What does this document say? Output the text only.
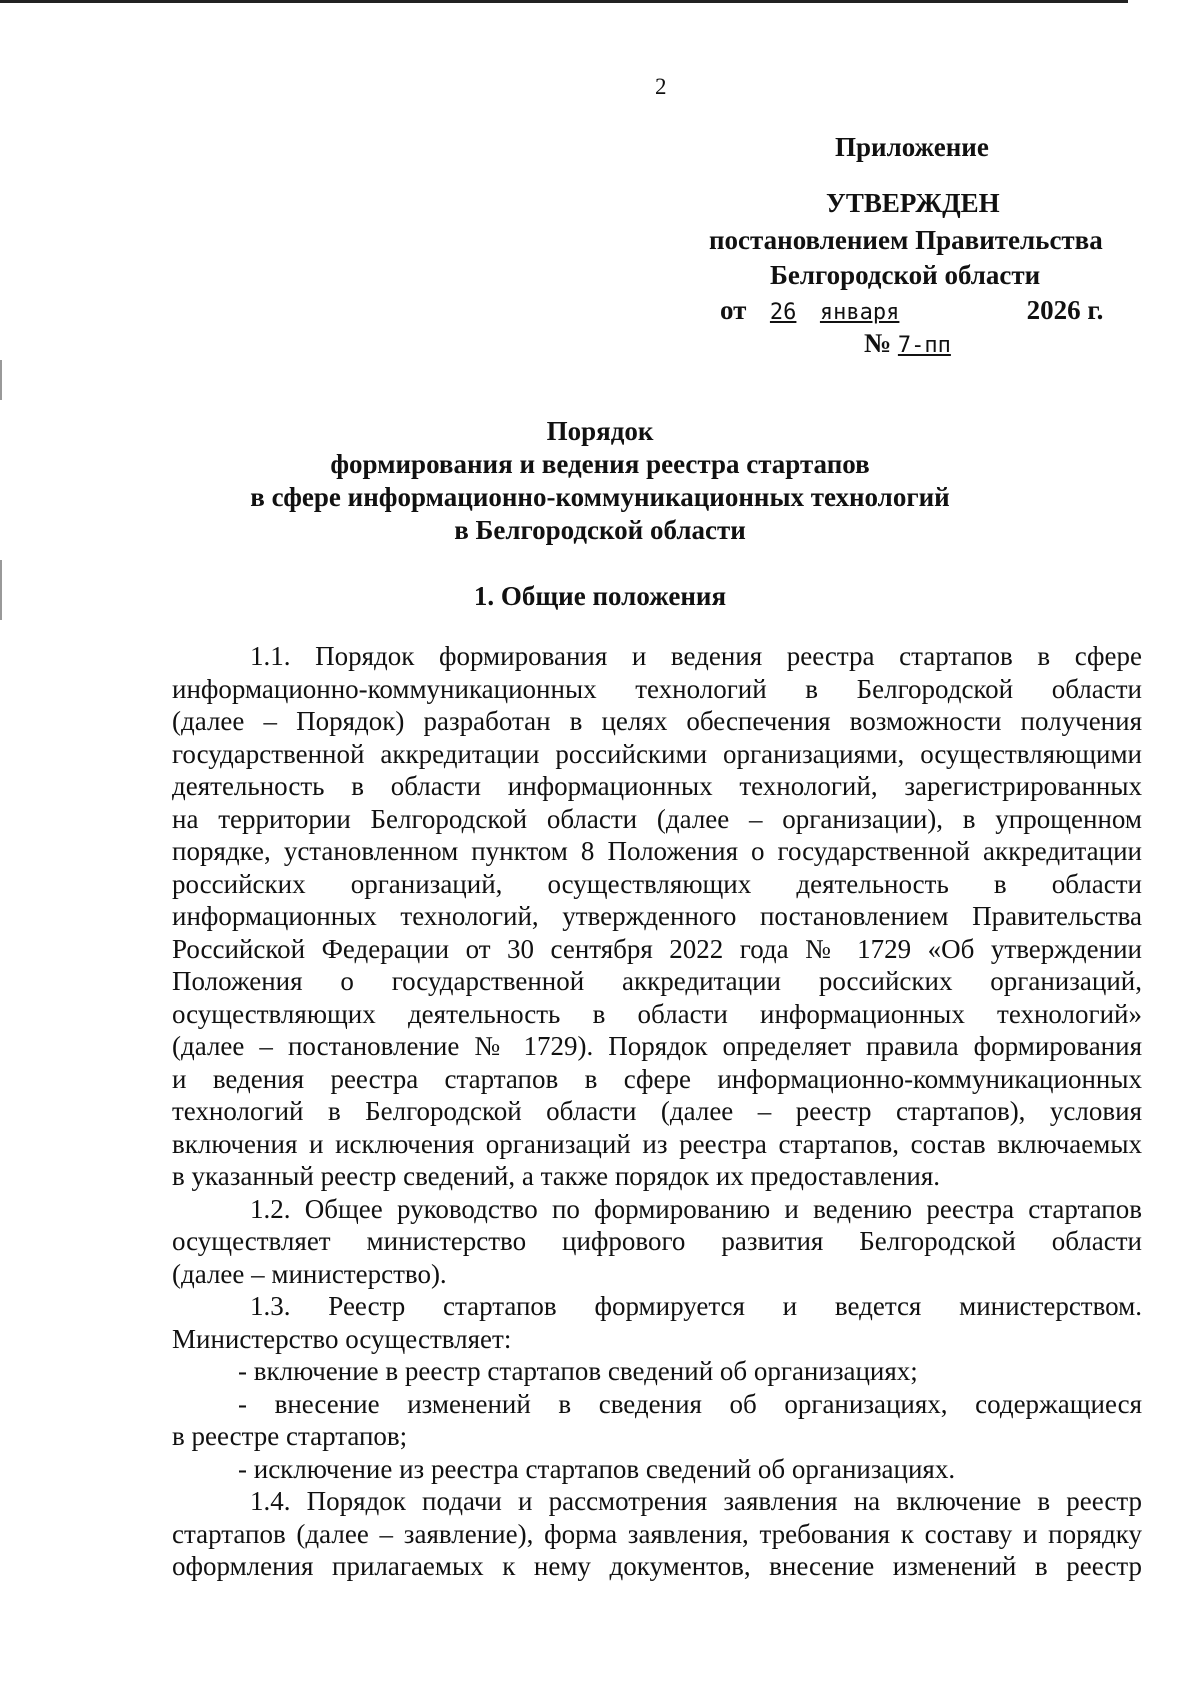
2
Приложение
УТВЕРЖДЕН
постановлением Правительства
Белгородской области
от 26 января	2026 г.
№ 7-пп
Порядок
формирования и ведения реестра стартапов
в сфере информационно-коммуникационных технологий
в Белгородской области
1. Общие положения
1.1. Порядок формирования и ведения реестра стартапов в сфере
информационно-коммуникационных технологий в Белгородской области
(далее – Порядок) разработан в целях обеспечения возможности получения
государственной аккредитации российскими организациями, осуществляющими
деятельность в области информационных технологий, зарегистрированных
на территории Белгородской области (далее – организации), в упрощенном
порядке, установленном пунктом 8 Положения о государственной аккредитации
российских организаций, осуществляющих деятельность в области
информационных технологий, утвержденного постановлением Правительства
Российской Федерации от 30 сентября 2022 года № 1729 «Об утверждении
Положения о государственной аккредитации российских организаций,
осуществляющих деятельность в области информационных технологий»
(далее – постановление № 1729). Порядок определяет правила формирования
и ведения реестра стартапов в сфере информационно-коммуникационных
технологий в Белгородской области (далее – реестр стартапов), условия
включения и исключения организаций из реестра стартапов, состав включаемых
в указанный реестр сведений, а также порядок их предоставления.
1.2. Общее руководство по формированию и ведению реестра стартапов
осуществляет министерство цифрового развития Белгородской области
(далее – министерство).
1.3. Реестр стартапов формируется и ведется министерством.
Министерство осуществляет:
- включение в реестр стартапов сведений об организациях;
- внесение изменений в сведения об организациях, содержащиеся
в реестре стартапов;
- исключение из реестра стартапов сведений об организациях.
1.4. Порядок подачи и рассмотрения заявления на включение в реестр
стартапов (далее – заявление), форма заявления, требования к составу и порядку
оформления прилагаемых к нему документов, внесение изменений в реестр
